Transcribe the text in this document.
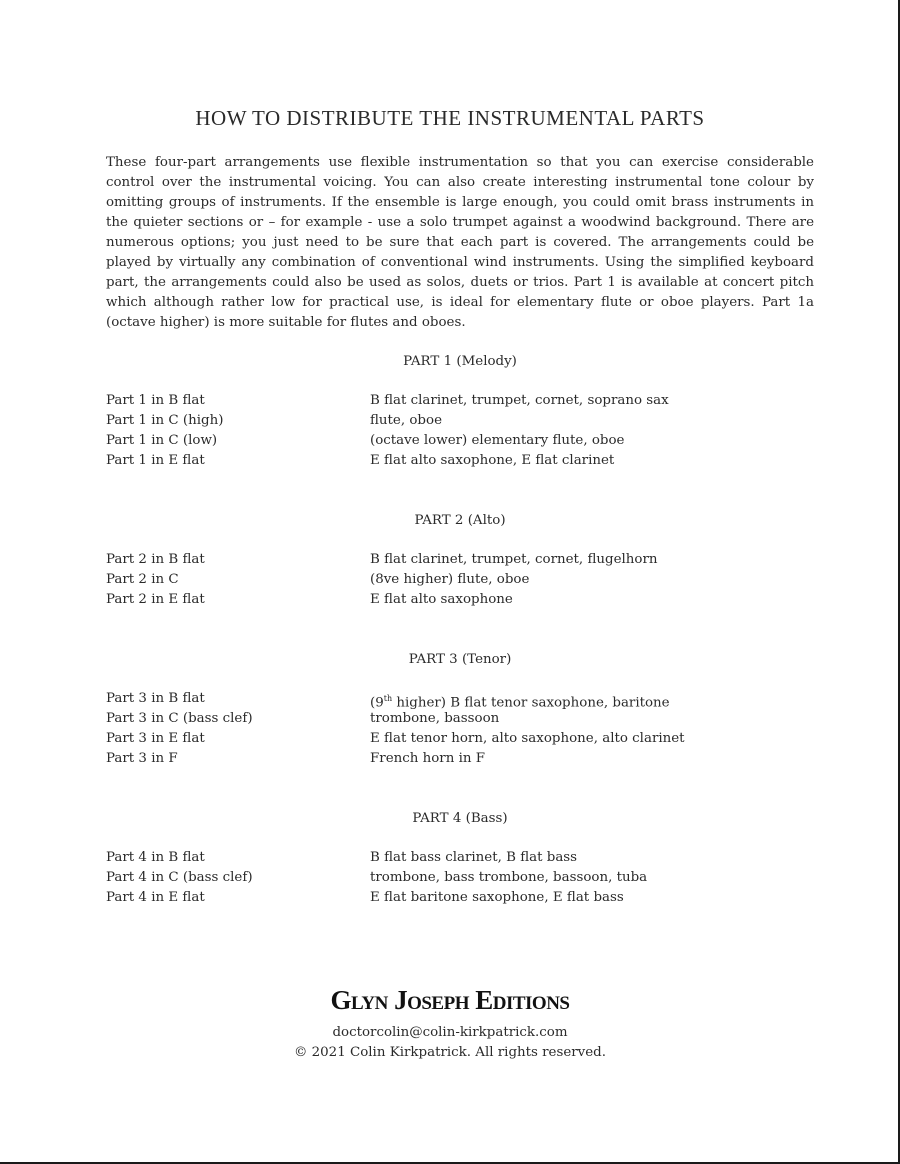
HOW TO DISTRIBUTE THE INSTRUMENTAL PARTS

These four-part arrangements use flexible instrumentation so that you can exercise considerable control over the instrumental voicing. You can also create interesting instrumental tone colour by omitting groups of instruments. If the ensemble is large enough, you could omit brass instruments in the quieter sections or – for example - use a solo trumpet against a woodwind background. There are numerous options; you just need to be sure that each part is covered. The arrangements could be played by virtually any combination of conventional wind instruments. Using the simplified keyboard part, the arrangements could also be used as solos, duets or trios. Part 1 is available at concert pitch which although rather low for practical use, is ideal for elementary flute or oboe players. Part 1a (octave higher) is more suitable for flutes and oboes.

PART 1 (Melody)
Part 1 in B flat	B flat clarinet, trumpet, cornet, soprano sax
Part 1 in C (high)	flute, oboe
Part 1 in C (low)	(octave lower) elementary flute, oboe
Part 1 in E flat	E flat alto saxophone, E flat clarinet
PART 2 (Alto)
Part 2 in B flat	B flat clarinet, trumpet, cornet, flugelhorn
Part 2 in C	(8ve higher) flute, oboe
Part 2 in E flat	E flat alto saxophone
PART 3 (Tenor)
Part 3 in B flat	(9th higher) B flat tenor saxophone, baritone
Part 3 in C (bass clef)	trombone, bassoon
Part 3 in E flat	E flat tenor horn, alto saxophone, alto clarinet
Part 3 in F	French horn in F
PART 4 (Bass)
Part 4 in B flat	B flat bass clarinet, B flat bass
Part 4 in C (bass clef)	trombone, bass trombone, bassoon, tuba
Part 4 in E flat	E flat baritone saxophone, E flat bass
Glyn Joseph Editions
doctorcolin@colin-kirkpatrick.com
© 2021 Colin Kirkpatrick. All rights reserved.
